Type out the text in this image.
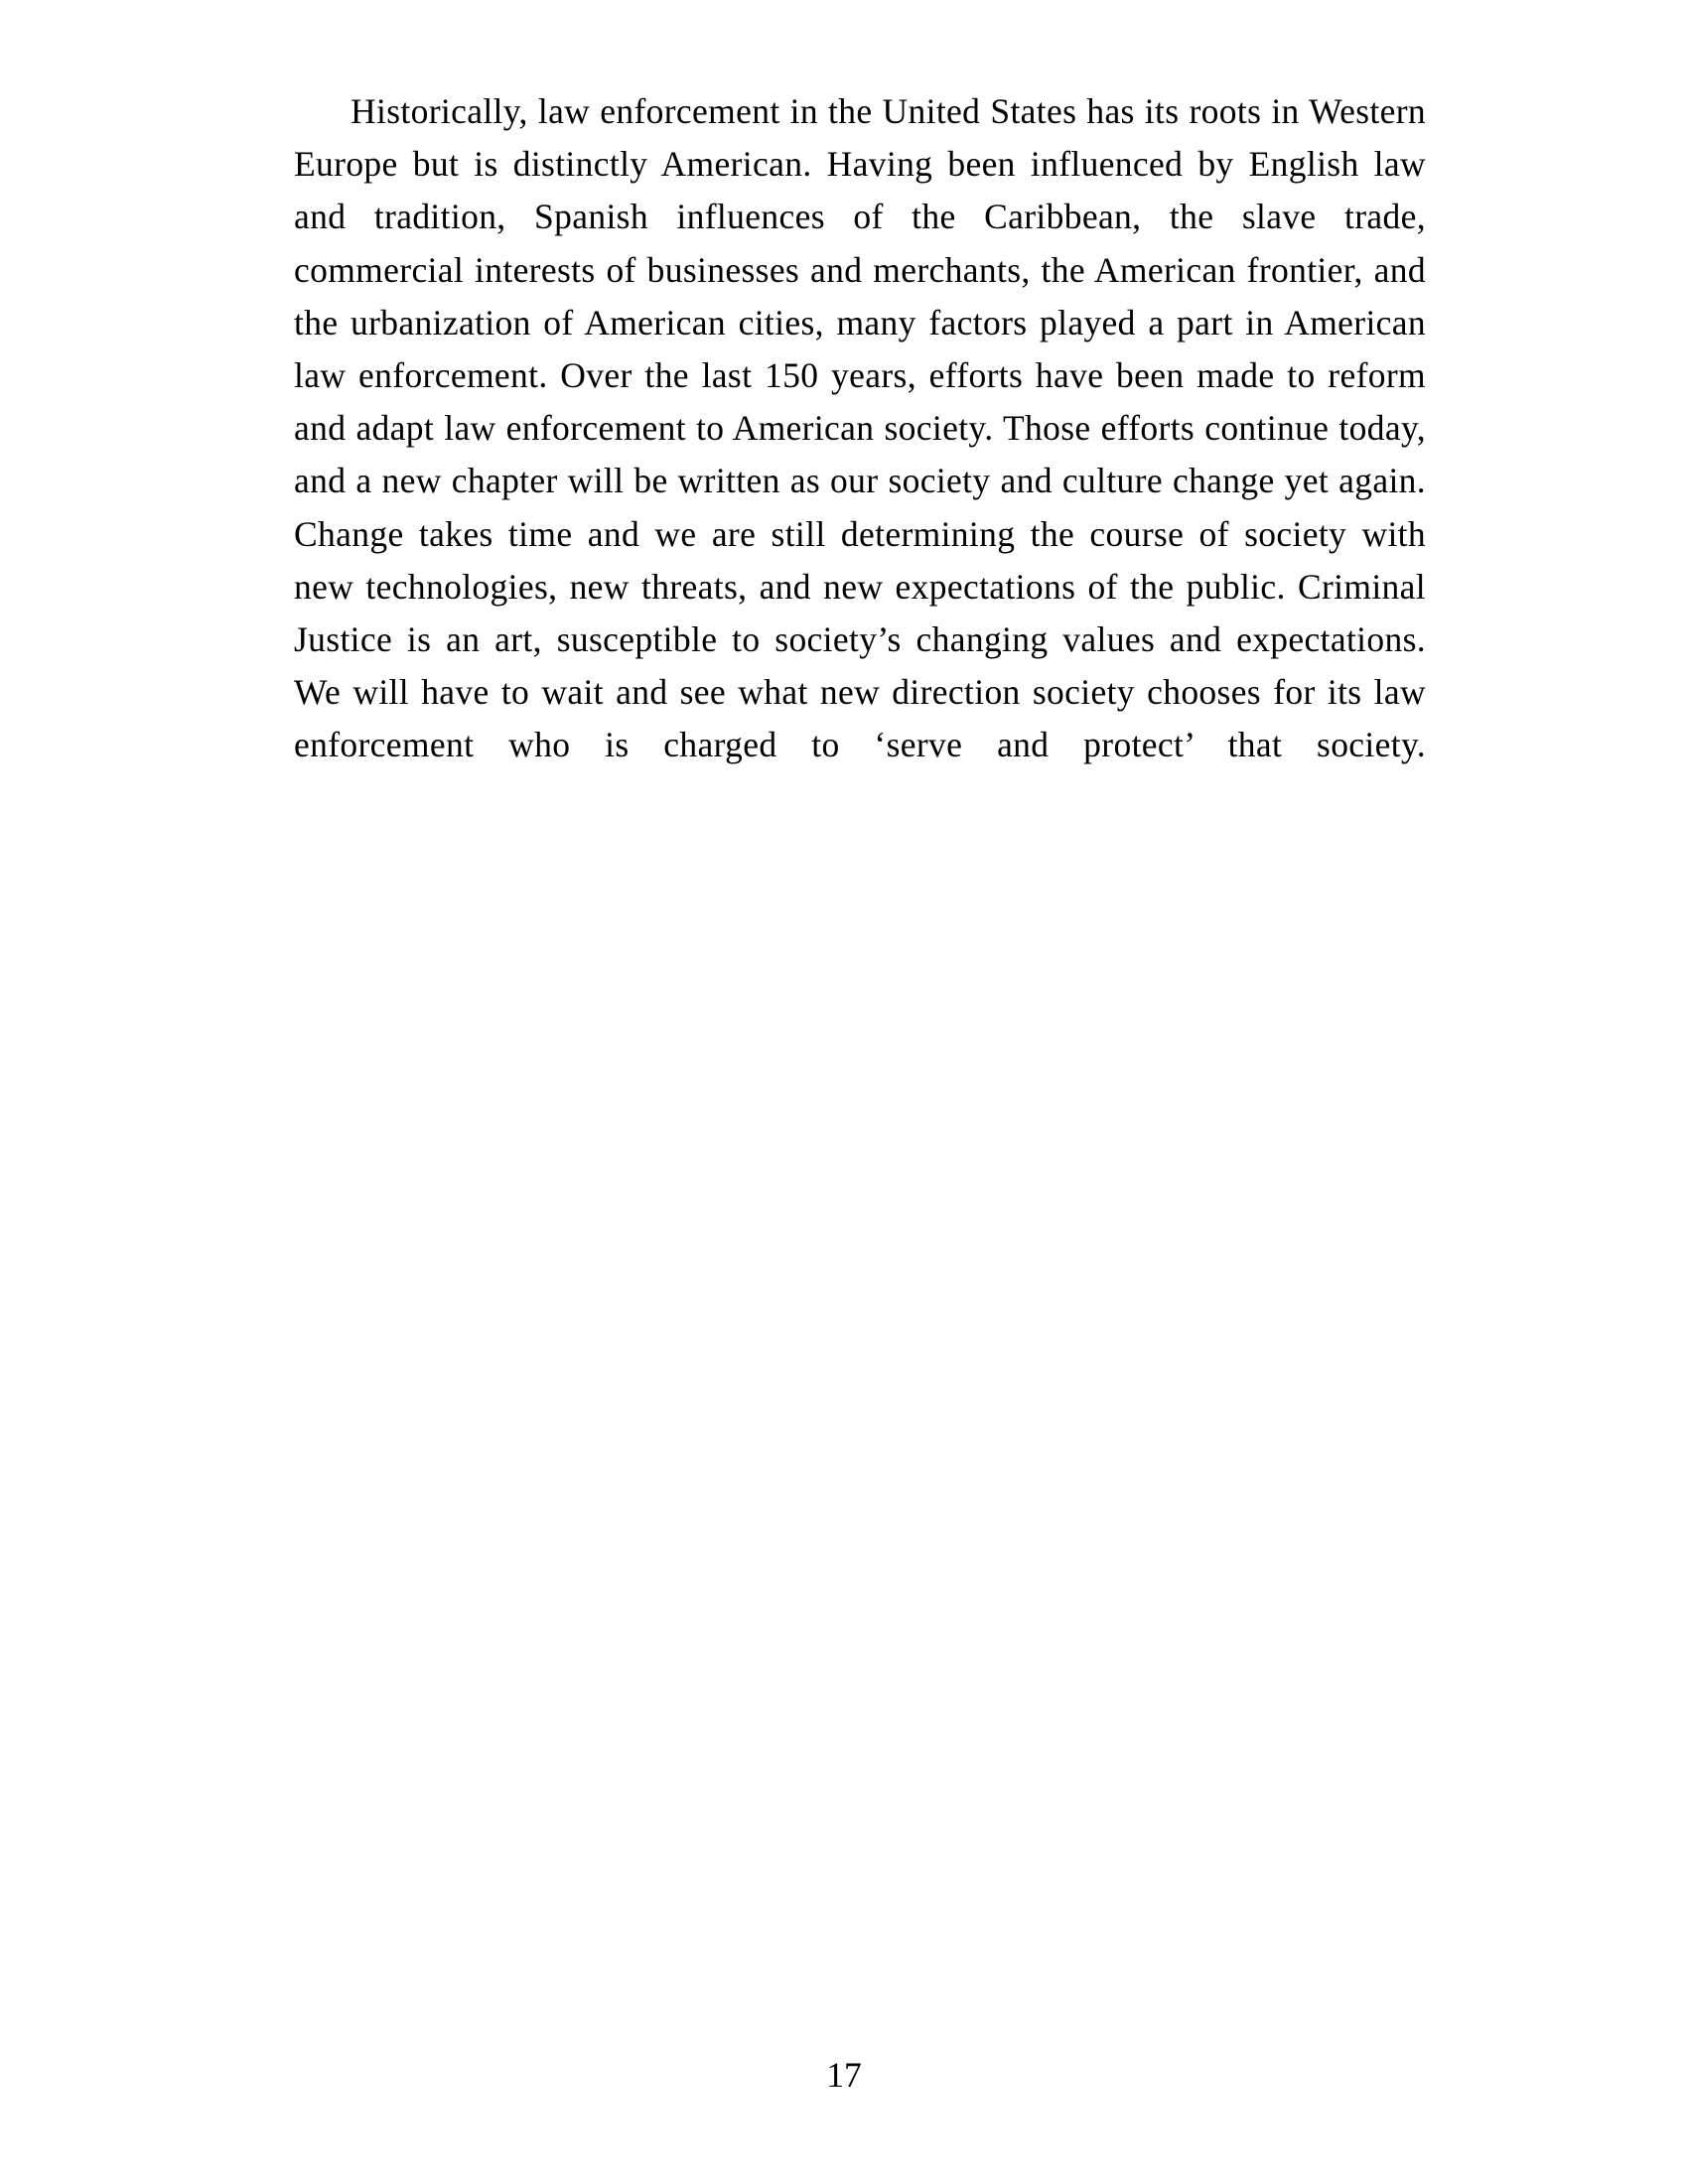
Historically, law enforcement in the United States has its roots in Western Europe but is distinctly American. Having been influenced by English law and tradition, Spanish influences of the Caribbean, the slave trade, commercial interests of businesses and merchants, the American frontier, and the urbanization of American cities, many factors played a part in American law enforcement. Over the last 150 years, efforts have been made to reform and adapt law enforcement to American society. Those efforts continue today, and a new chapter will be written as our society and culture change yet again. Change takes time and we are still determining the course of society with new technologies, new threats, and new expectations of the public. Criminal Justice is an art, susceptible to society’s changing values and expectations. We will have to wait and see what new direction society chooses for its law enforcement who is charged to ‘serve and protect’ that society.

17
